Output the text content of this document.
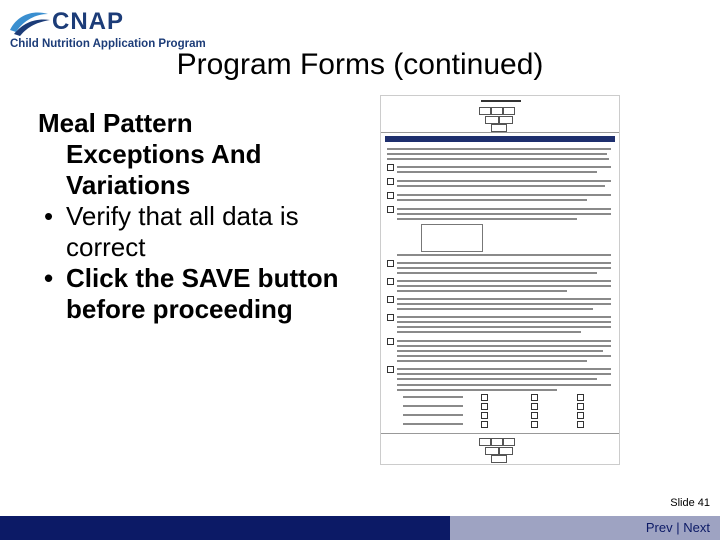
CNAP
Child Nutrition Application Program
Program Forms (continued)
Meal Pattern
Exceptions And
Variations
• Verify that all data is correct
• Click the SAVE button before proceeding
Slide 41
Prev | Next
